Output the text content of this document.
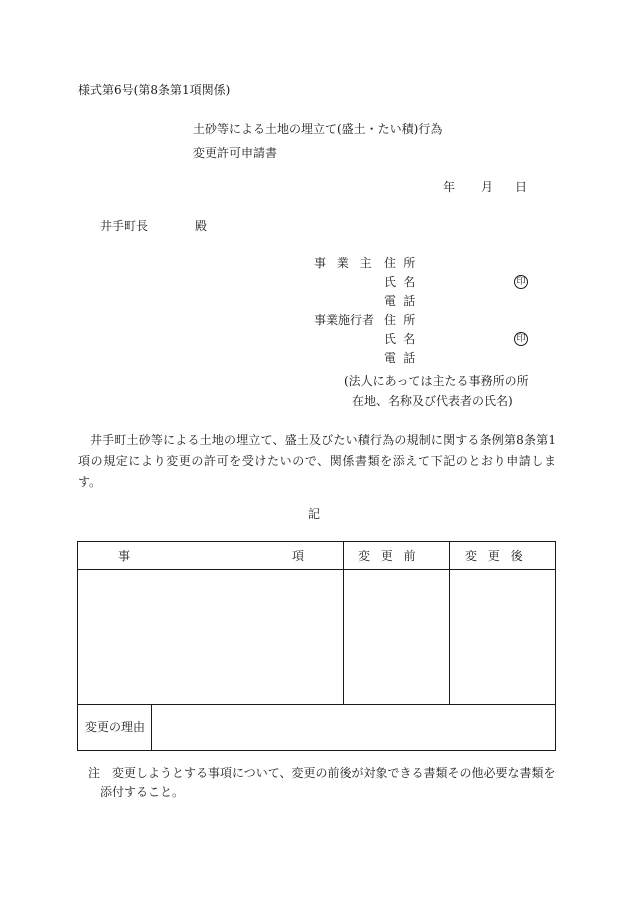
様式第6号(第8条第1項関係)
土砂等による土地の埋立て(盛土・たい積)行為
変更許可申請書
年 月 日
井手町長	殿
事業主 住所
氏名	印
電話
事業施行者 住所
氏名	印
電話
(法人にあっては主たる事務所の所
在地、名称及び代表者の氏名)
井手町土砂等による土地の埋立て、盛土及びたい積行為の規制に関する条例第8条第1項の規定により変更の許可を受けたいので、関係書類を添えて下記のとおり申請します。
記
事	項	変更前	変更後
変更の理由
注　変更しようとする事項について、変更の前後が対象できる書類その他必要な書類を
添付すること。
